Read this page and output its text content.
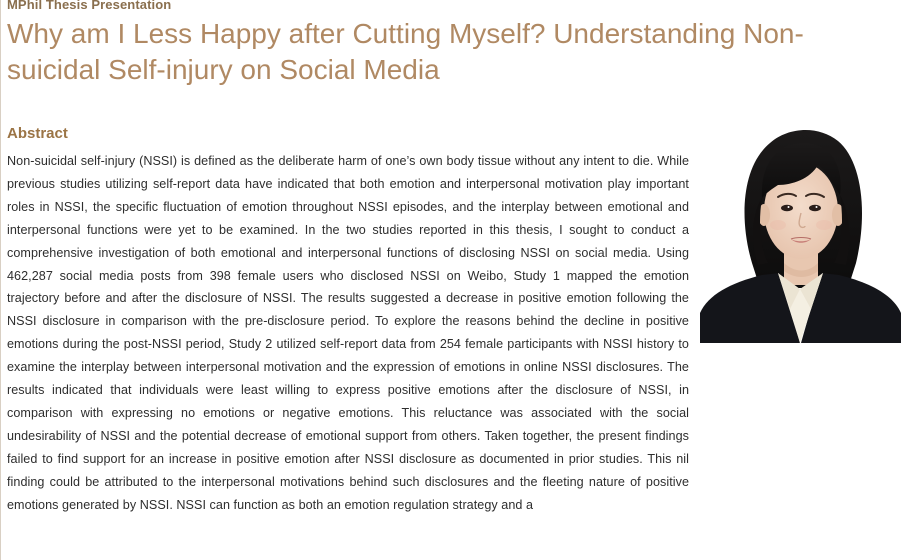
MPhil Thesis Presentation
Why am I Less Happy after Cutting Myself? Understanding Non-suicidal Self-injury on Social Media
Abstract

Non-suicidal self-injury (NSSI) is defined as the deliberate harm of one’s own body tissue without any intent to die. While previous studies utilizing self-report data have indicated that both emotion and interpersonal motivation play important roles in NSSI, the specific fluctuation of emotion throughout NSSI episodes, and the interplay between emotional and interpersonal functions were yet to be examined. In the two studies reported in this thesis, I sought to conduct a comprehensive investigation of both emotional and interpersonal functions of disclosing NSSI on social media. Using 462,287 social media posts from 398 female users who disclosed NSSI on Weibo, Study 1 mapped the emotion trajectory before and after the disclosure of NSSI. The results suggested a decrease in positive emotion following the NSSI disclosure in comparison with the pre-disclosure period. To explore the reasons behind the decline in positive emotions during the post-NSSI period, Study 2 utilized self-report data from 254 female participants with NSSI history to examine the interplay between interpersonal motivation and the expression of emotions in online NSSI disclosures. The results indicated that individuals were least willing to express positive emotions after the disclosure of NSSI, in comparison with expressing no emotions or negative emotions. This reluctance was associated with the social undesirability of NSSI and the potential decrease of emotional support from others. Taken together, the present findings failed to find support for an increase in positive emotion after NSSI disclosure as documented in prior studies. This nil finding could be attributed to the interpersonal motivations behind such disclosures and the fleeting nature of positive emotions generated by NSSI. NSSI can function as both an emotion regulation strategy and a
